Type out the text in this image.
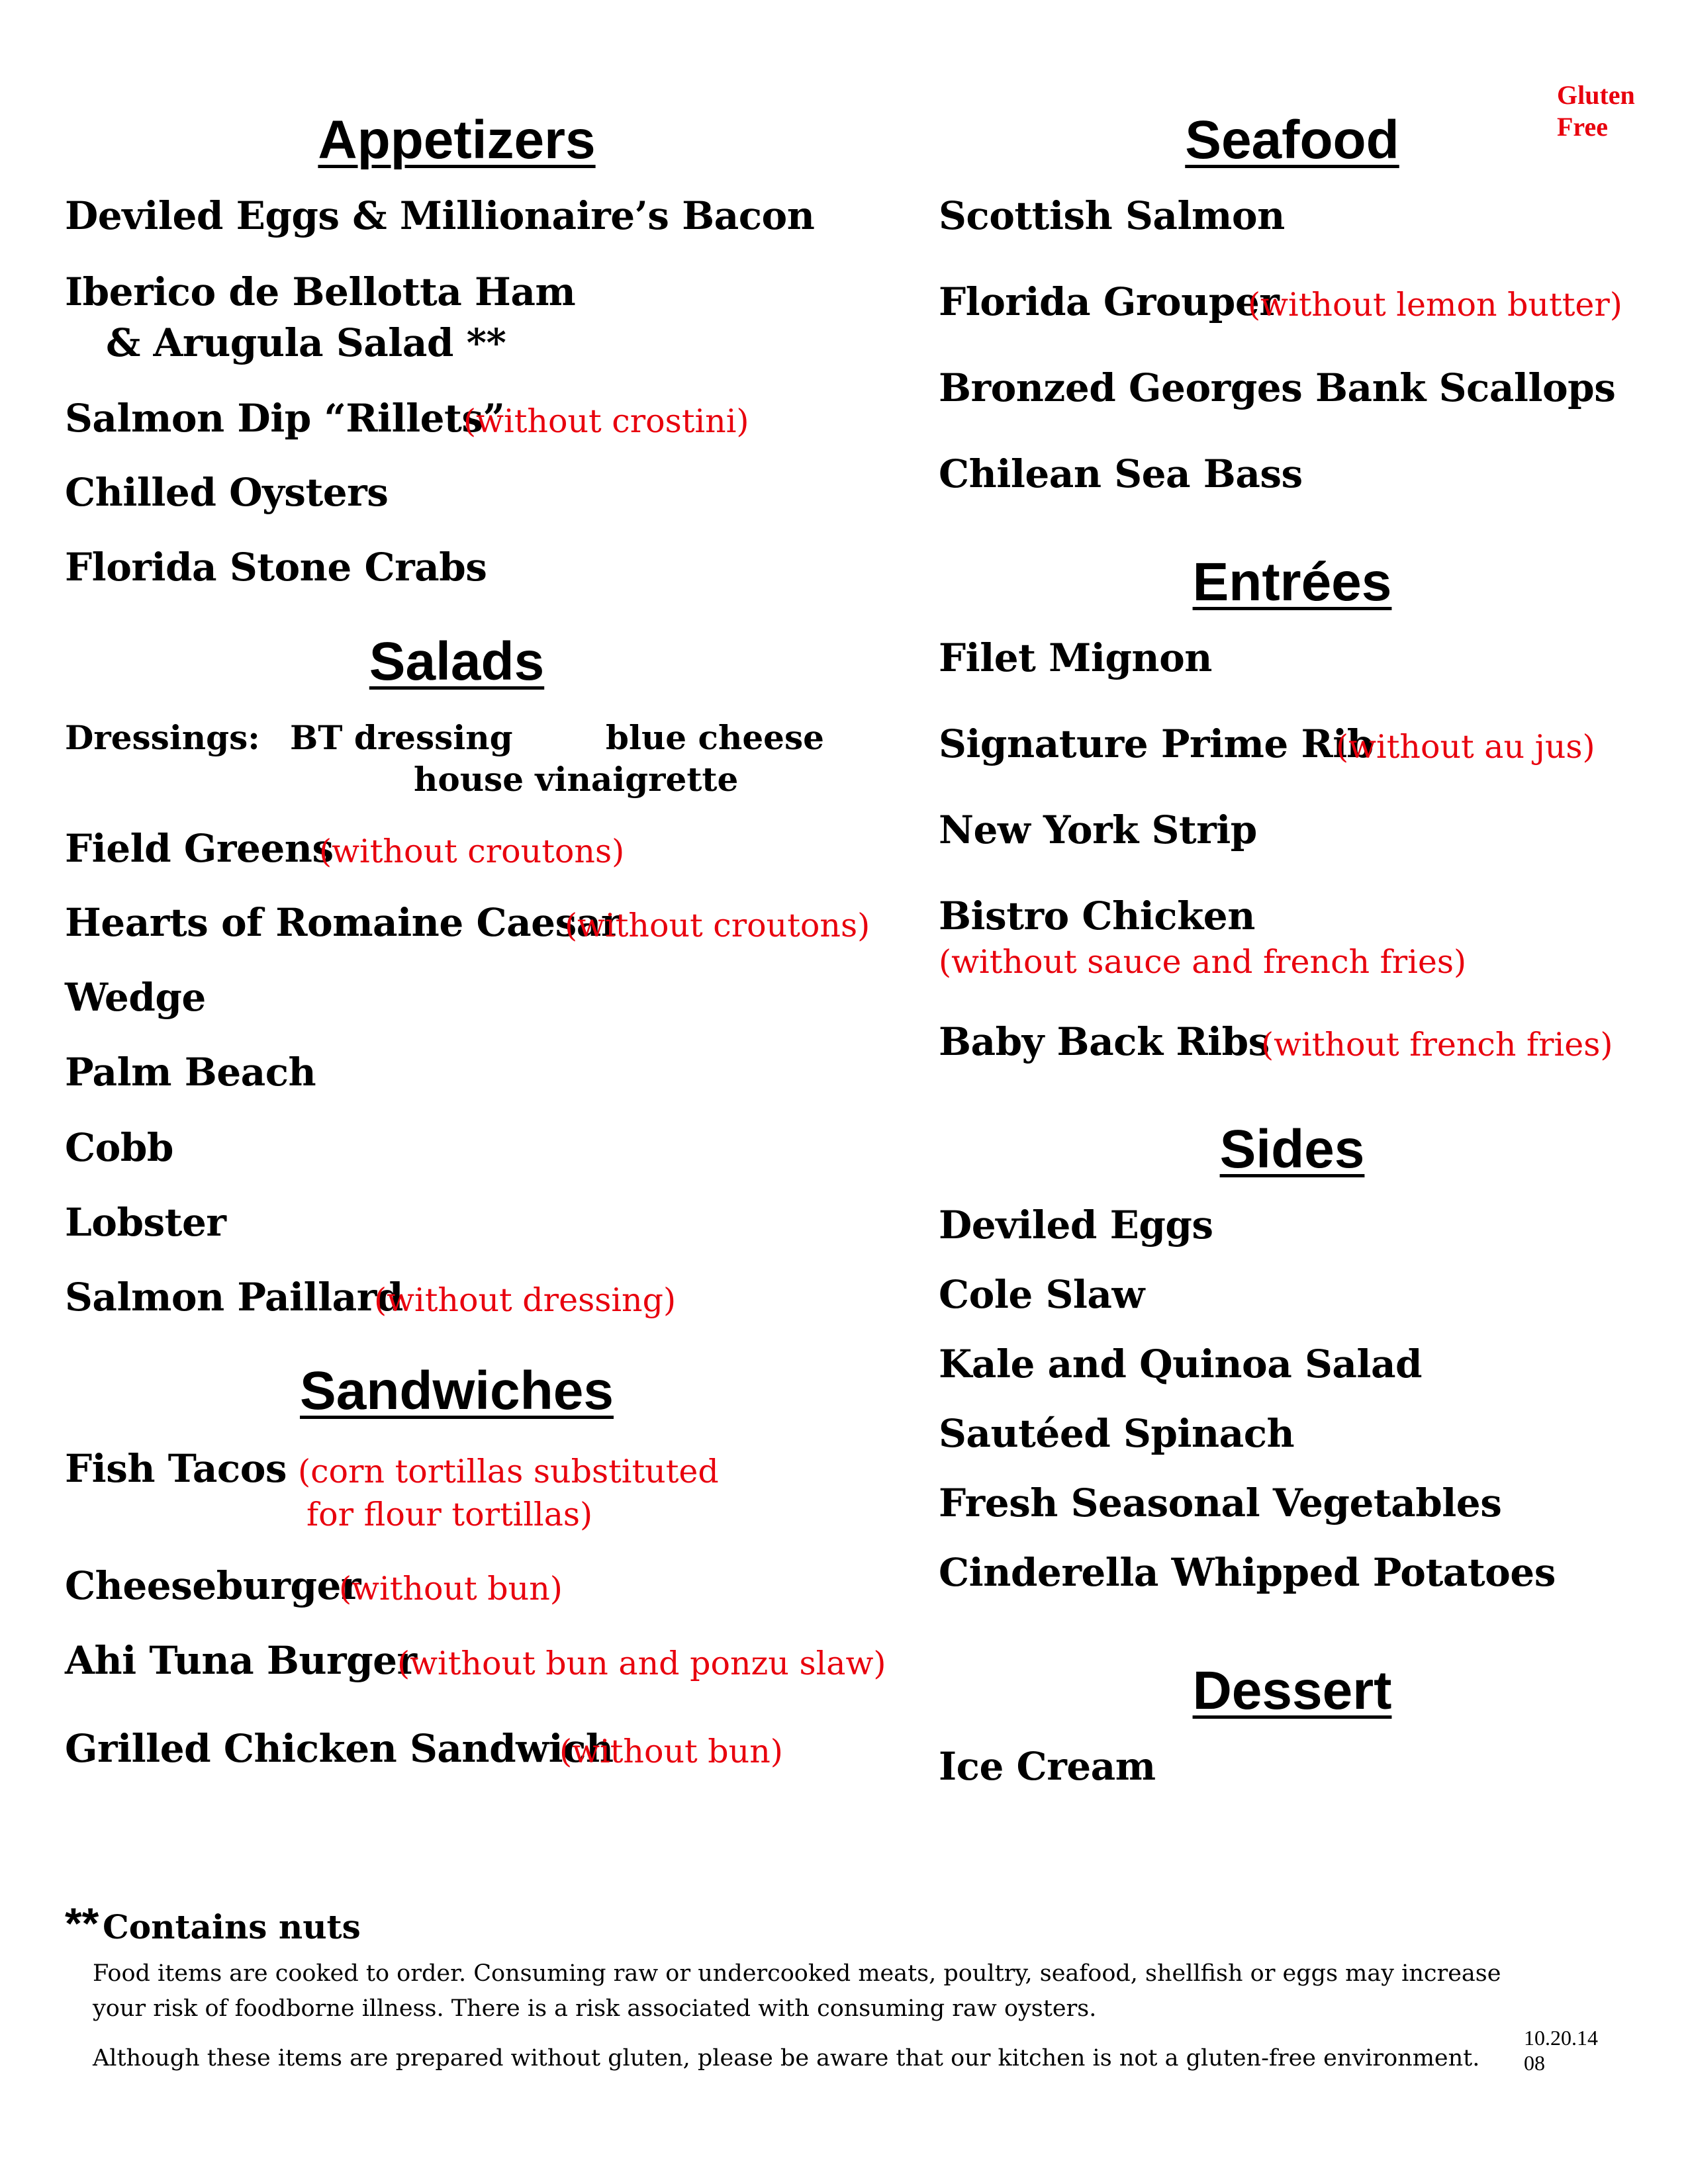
Gluten
Free
Appetizers
Deviled Eggs & Millionaire’s Bacon
Iberico de Bellotta Ham
& Arugula Salad **
Salmon Dip “Rillets”
(without crostini)
Chilled Oysters
Florida Stone Crabs
Salads
Dressings: BT dressing	blue cheese
house vinaigrette
Field Greens
(without croutons)
Hearts of Romaine Caesar
(without croutons)
Wedge
Palm Beach
Cobb
Lobster
Salmon Paillard
(without dressing)
Sandwiches
Fish Tacos (corn tortillas substituted
for flour tortillas)
Cheeseburger
(without bun)
Ahi Tuna Burger
(without bun and ponzu slaw)
Grilled Chicken Sandwich
(without bun)
Seafood
Scottish Salmon
Florida Grouper
(without lemon butter)
Bronzed Georges Bank Scallops
Chilean Sea Bass
Entrées
Filet Mignon
Signature Prime Rib
(without au jus)
New York Strip
Bistro Chicken
(without sauce and french fries)
Baby Back Ribs
(without french fries)
Sides
Deviled Eggs
Cole Slaw
Kale and Quinoa Salad
Sautéed Spinach
Fresh Seasonal Vegetables
Cinderella Whipped Potatoes
Dessert
Ice Cream
** Contains nuts
Food items are cooked to order. Consuming raw or undercooked meats, poultry, seafood, shellfish or eggs may increase
your risk of foodborne illness. There is a risk associated with consuming raw oysters.
Although these items are prepared without gluten, please be aware that our kitchen is not a gluten-free environment.
10.20.14
08
